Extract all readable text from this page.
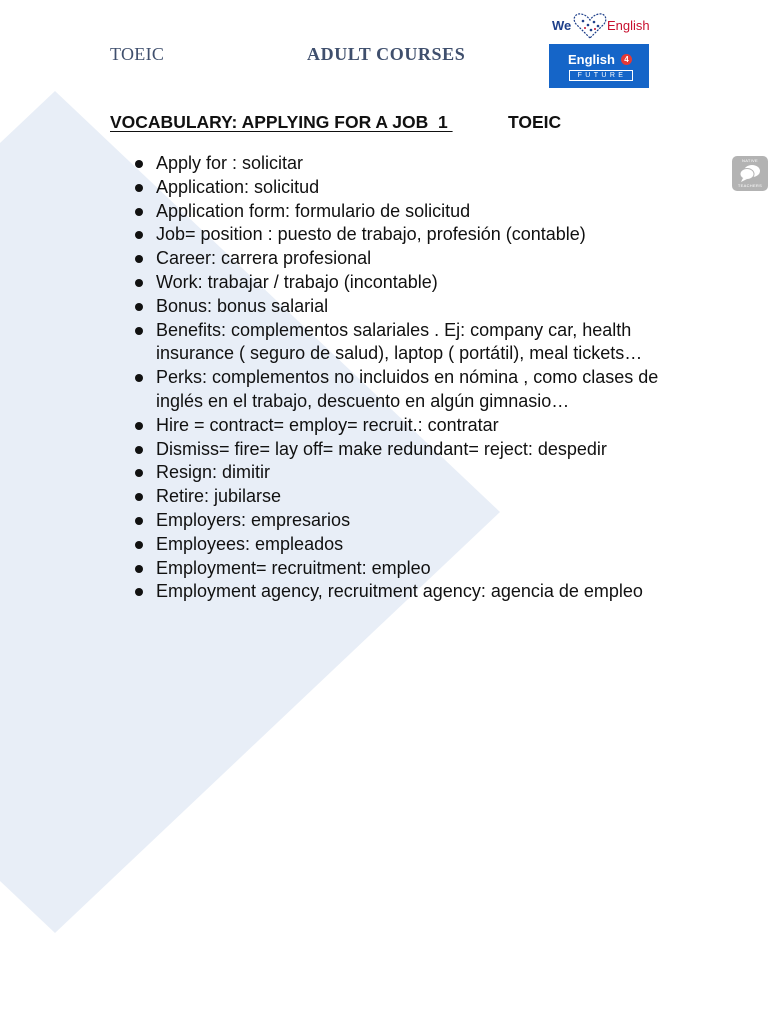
TOEIC	ADULT COURSES
We	English
English	4
FUTURE
NATIVE
TEACHERS
VOCABULARY: APPLYING FOR A JOB  1	TOEIC
Apply for : solicitar
Application: solicitud
Application form: formulario de solicitud
Job= position : puesto de trabajo, profesión (contable)
Career: carrera profesional
Work: trabajar / trabajo (incontable)
Bonus: bonus salarial
Benefits: complementos salariales . Ej: company car, health insurance ( seguro de salud), laptop ( portátil), meal tickets…
Perks: complementos no incluidos en nómina , como clases de inglés en el trabajo, descuento en algún gimnasio…
Hire = contract= employ= recruit.: contratar
Dismiss= fire= lay off= make redundant= reject: despedir
Resign: dimitir
Retire: jubilarse
Employers: empresarios
Employees: empleados
Employment= recruitment: empleo
Employment agency, recruitment agency: agencia de empleo
